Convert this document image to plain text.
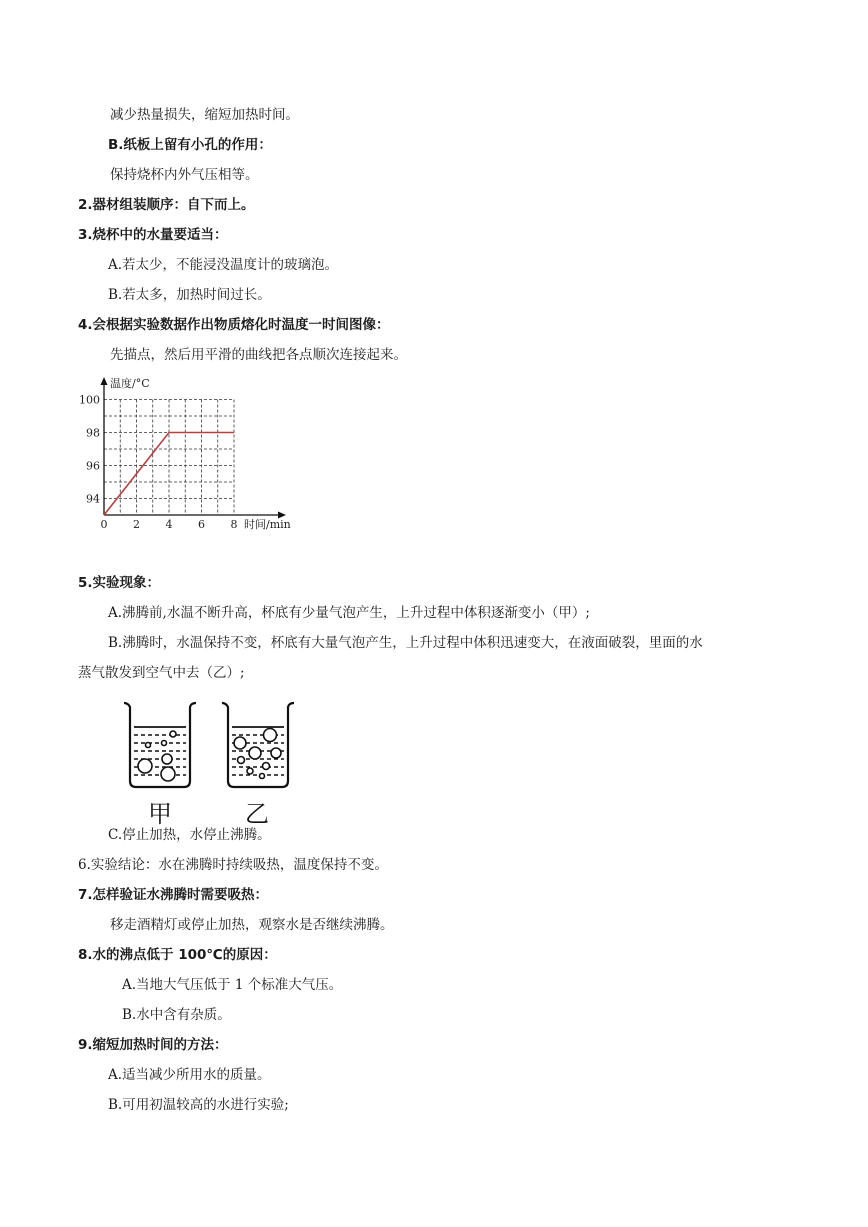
减少热量损失，缩短加热时间。
B.纸板上留有小孔的作用：
保持烧杯内外气压相等。
2.器材组装顺序：自下而上。
3.烧杯中的水量要适当：
A.若太少，不能浸没温度计的玻璃泡。
B.若太多，加热时间过长。
4.会根据实验数据作出物质熔化时温度一时间图像：
先描点，然后用平滑的曲线把各点顺次连接起来。
0 2 4 6 8
94
96
98
100
温度/°C
时间/min
5.实验现象：
A.沸腾前,水温不断升高，杯底有少量气泡产生，上升过程中体积逐渐变小（甲）;
B.沸腾时，水温保持不变，杯底有大量气泡产生，上升过程中体积迅速变大，在液面破裂，里面的水
蒸气散发到空气中去（乙）;
甲	乙
C.停止加热，水停止沸腾。
6.实验结论：水在沸腾时持续吸热，温度保持不变。
7.怎样验证水沸腾时需要吸热：
移走酒精灯或停止加热，观察水是否继续沸腾。
8.水的沸点低于 100℃的原因：
A.当地大气压低于 1 个标准大气压。
B.水中含有杂质。
9.缩短加热时间的方法：
A.适当减少所用水的质量。
B.可用初温较高的水进行实验;
